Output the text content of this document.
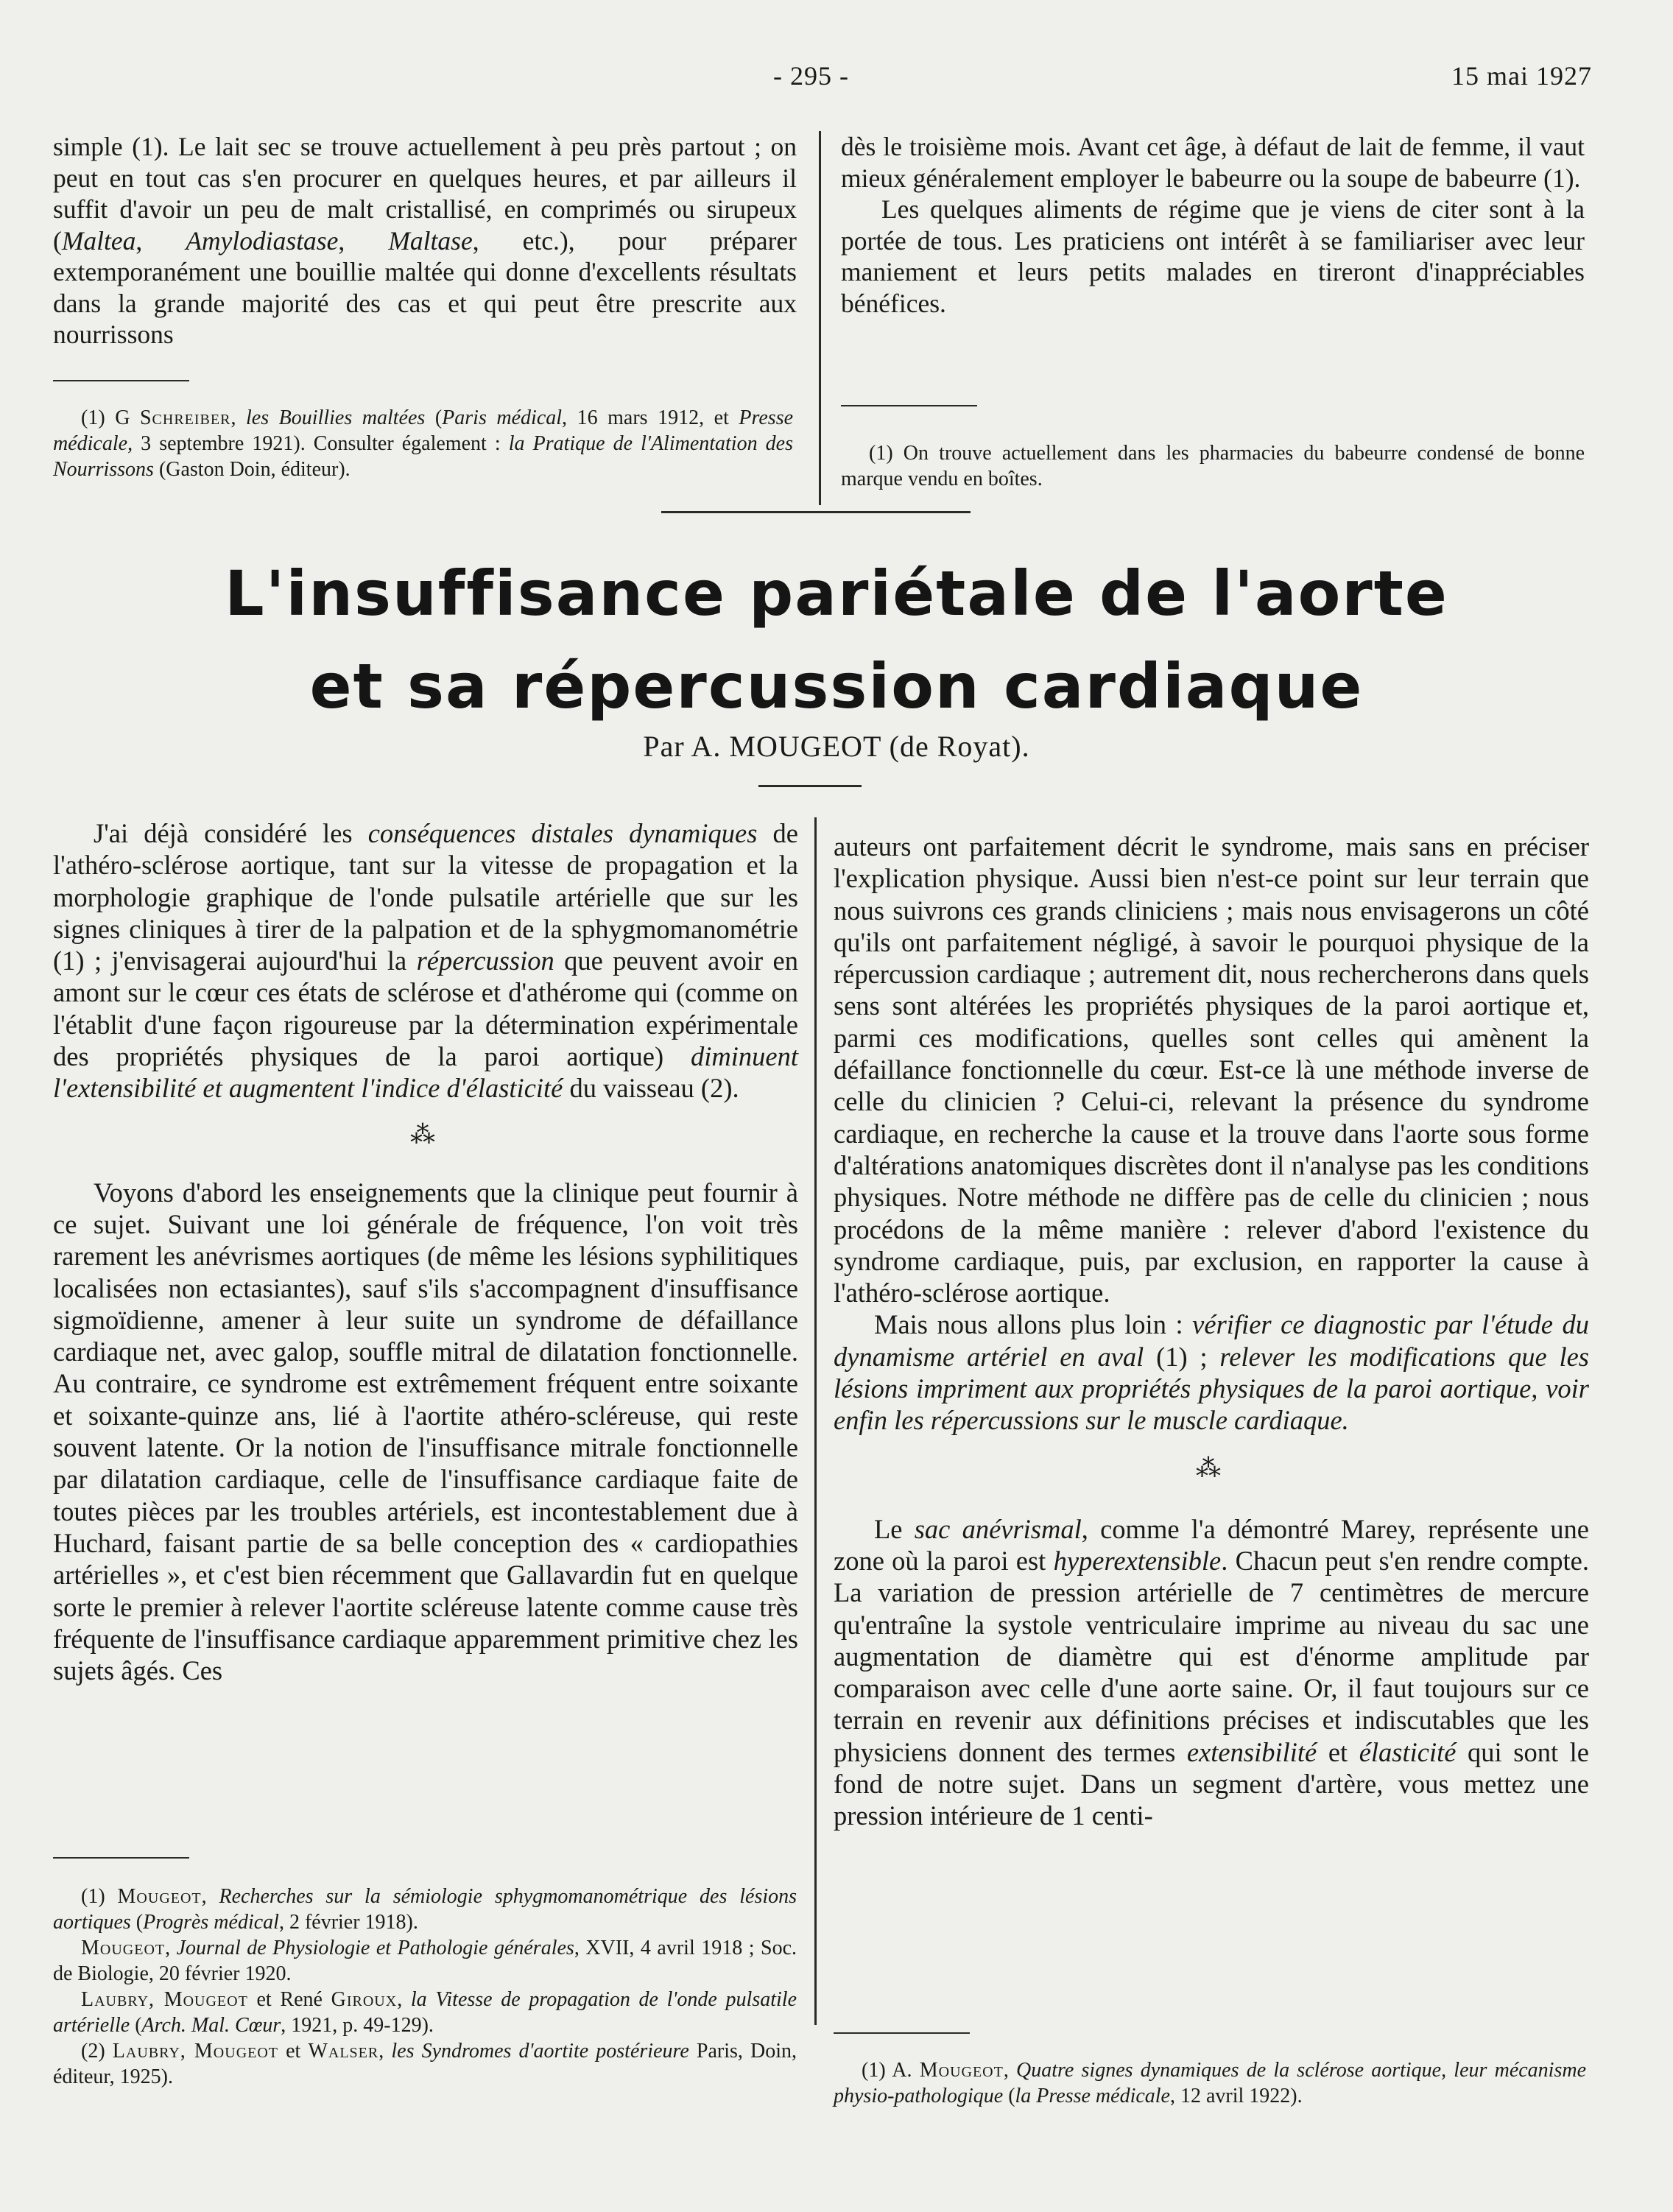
- 295 -	15 mai 1927

simple (1). Le lait sec se trouve actuellement à peu près partout ; on peut en tout cas s'en procurer en quelques heures, et par ailleurs il suffit d'avoir un peu de malt cristallisé, en comprimés ou sirupeux (Maltea, Amylodiastase, Maltase, etc.), pour préparer extemporanément une bouillie maltée qui donne d'excellents résultats dans la grande majorité des cas et qui peut être prescrite aux nourrissons

(1) G Schreiber, les Bouillies maltées (Paris médical, 16 mars 1912, et Presse médicale, 3 septembre 1921). Consulter également : la Pratique de l'Alimentation des Nourrissons (Gaston Doin, éditeur).

dès le troisième mois. Avant cet âge, à défaut de lait de femme, il vaut mieux généralement employer le babeurre ou la soupe de babeurre (1).

Les quelques aliments de régime que je viens de citer sont à la portée de tous. Les praticiens ont intérêt à se familiariser avec leur maniement et leurs petits malades en tireront d'inappréciables bénéfices.

(1) On trouve actuellement dans les pharmacies du babeurre condensé de bonne marque vendu en boîtes.

L'insuffisance pariétale de l'aorte
et sa répercussion cardiaque
Par A. MOUGEOT (de Royat).

J'ai déjà considéré les conséquences distales dynamiques de l'athéro-sclérose aortique, tant sur la vitesse de propagation et la morphologie graphique de l'onde pulsatile artérielle que sur les signes cliniques à tirer de la palpation et de la sphygmomanométrie (1) ; j'envisagerai aujourd'hui la répercussion que peuvent avoir en amont sur le cœur ces états de sclérose et d'athérome qui (comme on l'établit d'une façon rigoureuse par la détermination expérimentale des propriétés physiques de la paroi aortique) diminuent l'extensibilité et augmentent l'indice d'élasticité du vaisseau (2).

⁂

Voyons d'abord les enseignements que la clinique peut fournir à ce sujet. Suivant une loi générale de fréquence, l'on voit très rarement les anévrismes aortiques (de même les lésions syphilitiques localisées non ectasiantes), sauf s'ils s'accompagnent d'insuffisance sigmoïdienne, amener à leur suite un syndrome de défaillance cardiaque net, avec galop, souffle mitral de dilatation fonctionnelle. Au contraire, ce syndrome est extrêmement fréquent entre soixante et soixante-quinze ans, lié à l'aortite athéro-scléreuse, qui reste souvent latente. Or la notion de l'insuffisance mitrale fonctionnelle par dilatation cardiaque, celle de l'insuffisance cardiaque faite de toutes pièces par les troubles artériels, est incontestablement due à Huchard, faisant partie de sa belle conception des « cardiopathies artérielles », et c'est bien récemment que Gallavardin fut en quelque sorte le premier à relever l'aortite scléreuse latente comme cause très fréquente de l'insuffisance cardiaque apparemment primitive chez les sujets âgés. Ces

(1) Mougeot, Recherches sur la sémiologie sphygmomanométrique des lésions aortiques (Progrès médical, 2 février 1918).

Mougeot, Journal de Physiologie et Pathologie générales, XVII, 4 avril 1918 ; Soc. de Biologie, 20 février 1920.

Laubry, Mougeot et René Giroux, la Vitesse de propagation de l'onde pulsatile artérielle (Arch. Mal. Cœur, 1921, p. 49-129).

(2) Laubry, Mougeot et Walser, les Syndromes d'aortite postérieure Paris, Doin, éditeur, 1925).

auteurs ont parfaitement décrit le syndrome, mais sans en préciser l'explication physique. Aussi bien n'est-ce point sur leur terrain que nous suivrons ces grands cliniciens ; mais nous envisagerons un côté qu'ils ont parfaitement négligé, à savoir le pourquoi physique de la répercussion cardiaque ; autrement dit, nous rechercherons dans quels sens sont altérées les propriétés physiques de la paroi aortique et, parmi ces modifications, quelles sont celles qui amènent la défaillance fonctionnelle du cœur. Est-ce là une méthode inverse de celle du clinicien ? Celui-ci, relevant la présence du syndrome cardiaque, en recherche la cause et la trouve dans l'aorte sous forme d'altérations anatomiques discrètes dont il n'analyse pas les conditions physiques. Notre méthode ne diffère pas de celle du clinicien ; nous procédons de la même manière : relever d'abord l'existence du syndrome cardiaque, puis, par exclusion, en rapporter la cause à l'athéro-sclérose aortique.

Mais nous allons plus loin : vérifier ce diagnostic par l'étude du dynamisme artériel en aval (1) ; relever les modifications que les lésions impriment aux propriétés physiques de la paroi aortique, voir enfin les répercussions sur le muscle cardiaque.

⁂

Le sac anévrismal, comme l'a démontré Marey, représente une zone où la paroi est hyperextensible. Chacun peut s'en rendre compte. La variation de pression artérielle de 7 centimètres de mercure qu'entraîne la systole ventriculaire imprime au niveau du sac une augmentation de diamètre qui est d'énorme amplitude par comparaison avec celle d'une aorte saine. Or, il faut toujours sur ce terrain en revenir aux définitions précises et indiscutables que les physiciens donnent des termes extensibilité et élasticité qui sont le fond de notre sujet. Dans un segment d'artère, vous mettez une pression intérieure de 1 centi-

(1) A. Mougeot, Quatre signes dynamiques de la sclérose aortique, leur mécanisme physio-pathologique (la Presse médicale, 12 avril 1922).
